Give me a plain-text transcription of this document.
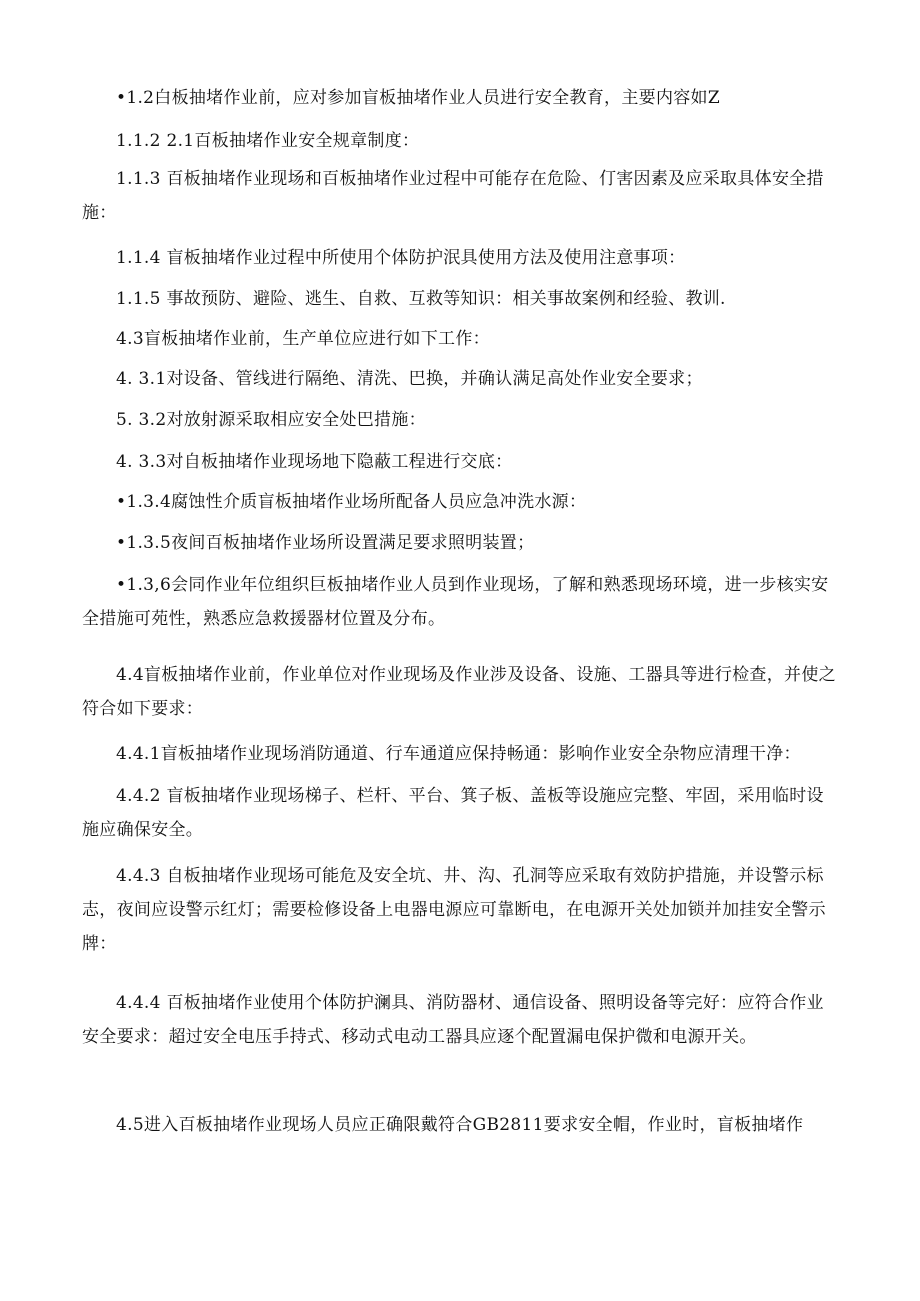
•1.2白板抽堵作业前，应对参加盲板抽堵作业人员进行安全教育，主要内容如Z
1.1.2 2.1百板抽堵作业安全规章制度：
1.1.3 百板抽堵作业现场和百板抽堵作业过程中可能存在危险、仃害因素及应采取具体安全措施：
1.1.4 盲板抽堵作业过程中所使用个体防护泯具使用方法及使用注意事项：
1.1.5 事故预防、避险、逃生、自救、互救等知识：相关事故案例和经验、教训.
4.3盲板抽堵作业前，生产单位应进行如下工作：
4. 3.1对设备、管线进行隔绝、清洗、巴换，并确认满足高处作业安全要求；
5. 3.2对放射源采取相应安全处巴措施：
4. 3.3对自板抽堵作业现场地下隐蔽工程进行交底：
•1.3.4腐蚀性介质盲板抽堵作业场所配备人员应急冲洗水源：
•1.3.5夜间百板抽堵作业场所设置满足要求照明装置；
•1.3,6会同作业年位组织巨板抽堵作业人员到作业现场，了解和熟悉现场环境，进一步核实安全措施可苑性，熟悉应急救援器材位置及分布。
4.4盲板抽堵作业前，作业单位对作业现场及作业涉及设备、设施、工器具等进行检查，并使之符合如下要求：
4.4.1盲板抽堵作业现场消防通道、行车通道应保持畅通：影响作业安全杂物应清理干净：
4.4.2 盲板抽堵作业现场梯子、栏杆、平台、箕子板、盖板等设施应完整、牢固，采用临时设施应确保安全。
4.4.3 自板抽堵作业现场可能危及安全坑、井、沟、孔洞等应采取有效防护措施，并设警示标志，夜间应设警示红灯；需要检修设备上电器电源应可靠断电，在电源开关处加锁并加挂安全警示牌：
4.4.4 百板抽堵作业使用个体防护澜具、消防器材、通信设备、照明设备等完好：应符合作业安全要求：超过安全电压手持式、移动式电动工器具应逐个配置漏电保护微和电源开关。
4.5进入百板抽堵作业现场人员应正确限戴符合GB2811要求安全帽，作业时，盲板抽堵作
